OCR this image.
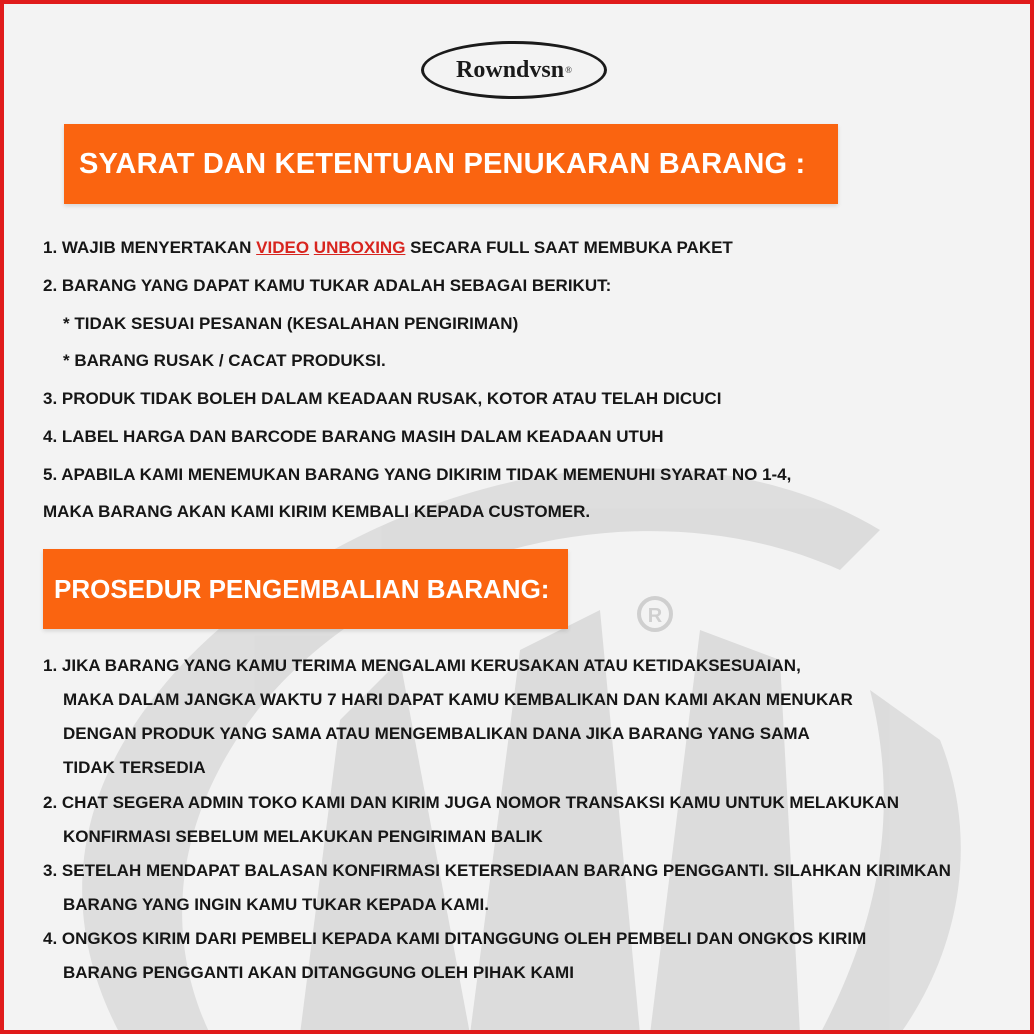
R
Rowndvsn ®
SYARAT DAN KETENTUAN PENUKARAN BARANG :
1. WAJIB MENYERTAKAN VIDEO UNBOXING SECARA FULL SAAT MEMBUKA PAKET
2. BARANG YANG DAPAT KAMU TUKAR ADALAH SEBAGAI BERIKUT:
* TIDAK SESUAI PESANAN (KESALAHAN PENGIRIMAN)
* BARANG RUSAK / CACAT PRODUKSI.
3. PRODUK TIDAK BOLEH DALAM KEADAAN RUSAK, KOTOR ATAU TELAH DICUCI
4. LABEL HARGA DAN BARCODE BARANG MASIH DALAM KEADAAN UTUH
5. APABILA KAMI MENEMUKAN BARANG YANG DIKIRIM TIDAK MEMENUHI SYARAT NO 1-4,
MAKA BARANG AKAN KAMI KIRIM KEMBALI KEPADA CUSTOMER.
PROSEDUR PENGEMBALIAN BARANG:
1. JIKA BARANG YANG KAMU TERIMA MENGALAMI KERUSAKAN ATAU KETIDAKSESUAIAN,
MAKA DALAM JANGKA WAKTU 7 HARI DAPAT KAMU KEMBALIKAN DAN KAMI AKAN MENUKAR
DENGAN PRODUK YANG SAMA ATAU MENGEMBALIKAN DANA JIKA BARANG YANG SAMA
TIDAK TERSEDIA
2. CHAT SEGERA ADMIN TOKO KAMI DAN KIRIM JUGA NOMOR TRANSAKSI KAMU UNTUK MELAKUKAN
KONFIRMASI SEBELUM MELAKUKAN PENGIRIMAN BALIK
3. SETELAH MENDAPAT BALASAN KONFIRMASI KETERSEDIAAN BARANG PENGGANTI. SILAHKAN KIRIMKAN
BARANG YANG INGIN KAMU TUKAR KEPADA KAMI.
4. ONGKOS KIRIM DARI PEMBELI KEPADA KAMI DITANGGUNG OLEH PEMBELI DAN ONGKOS KIRIM
BARANG PENGGANTI AKAN DITANGGUNG OLEH PIHAK KAMI
